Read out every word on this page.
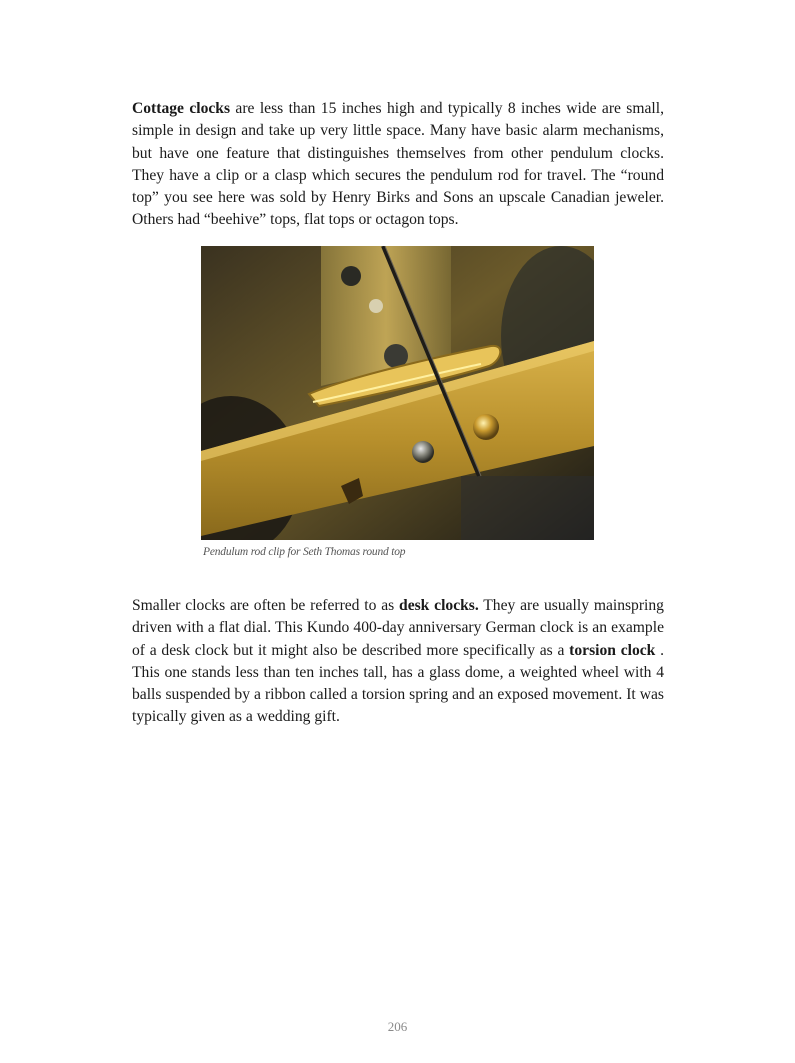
Cottage clocks are less than 15 inches high and typically 8 inches wide are small, simple in design and take up very little space. Many have basic alarm mechanisms, but have one feature that distinguishes themselves from other pendulum clocks. They have a clip or a clasp which secures the pendulum rod for travel. The “round top” you see here was sold by Henry Birks and Sons an upscale Canadian jeweler. Others had “beehive” tops, flat tops or octagon tops.

Pendulum rod clip for Seth Thomas round top

Smaller clocks are often be referred to as desk clocks. They are usually mainspring driven with a flat dial. This Kundo 400-day anniversary German clock is an example of a desk clock but it might also be described more specifically as a torsion clock . This one stands less than ten inches tall, has a glass dome, a weighted wheel with 4 balls suspended by a ribbon called a torsion spring and an exposed movement. It was typically given as a wedding gift.

206
